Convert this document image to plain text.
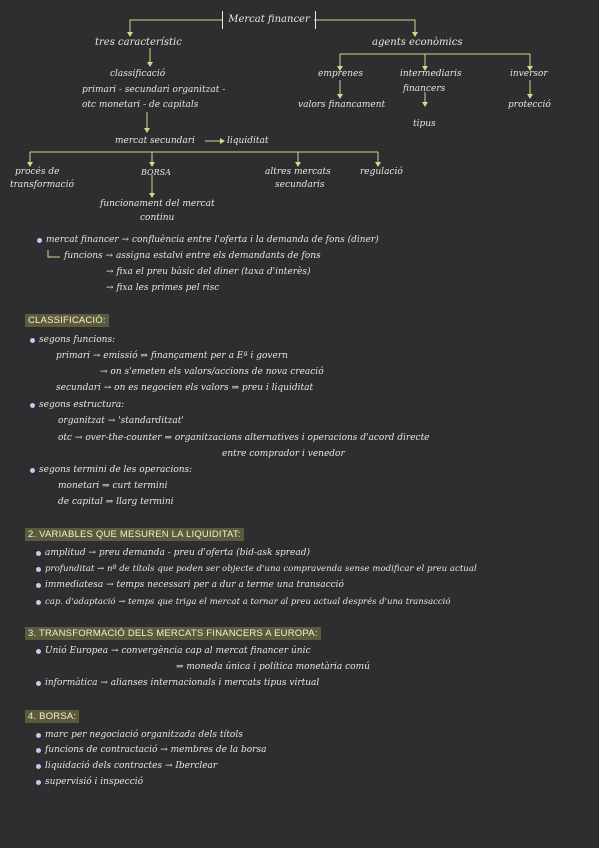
Mercat financer
tres característic	agents econòmics
classificació
primari - secundari organitzat -
otc monetari - de capitals
emprenes	intermediaris	inversor
valors financament
financers
tipus
protecció
mercat secundari	liquiditat
procés de
transformació
BORSA	altres mercats
secundaris
regulació
funcionament del mercat
continu
mercat financer → confluència entre l'oferta i la demanda de fons (diner)
funcions → assigna estalvi entre els demandants de fons
→ fixa el preu bàsic del diner (taxa d'interès)
→ fixa les primes pel risc
CLASSIFICACIÓ:
segons funcions:
primari → emissió ⇒ finançament per a Eª i govern
→ on s'emeten els valors/accions de nova creació
secundari → on es negocien els valors ⇒ preu i liquiditat
segons estructura:
organitzat → 'standarditzat'
otc → over-the-counter ⇒ organitzacions alternatives i operacions d'acord directe
entre comprador i venedor
segons termini de les operacions:
monetari ⇒ curt termini
de capital ⇒ llarg termini
2. VARIABLES QUE MESUREN LA LIQUIDITAT:
amplitud → preu demanda - preu d'oferta (bid-ask spread)
profunditat → nº de títols que poden ser objecte d'una compravenda sense modificar el preu actual
immediatesa → temps necessari per a dur a terme una transacció
cap. d'adaptació → temps que triga el mercat a tornar al preu actual després d'una transacció
3. TRANSFORMACIÓ DELS MERCATS FINANCERS A EUROPA:
Unió Europea → convergència cap al mercat financer únic
⇒ moneda única i política monetària comú
informàtica → alianses internacionals i mercats tipus virtual
4. BORSA:
marc per negociació organitzada dels títols
funcions de contractació → membres de la borsa
liquidació dels contractes → Iberclear
supervisió i inspecció
